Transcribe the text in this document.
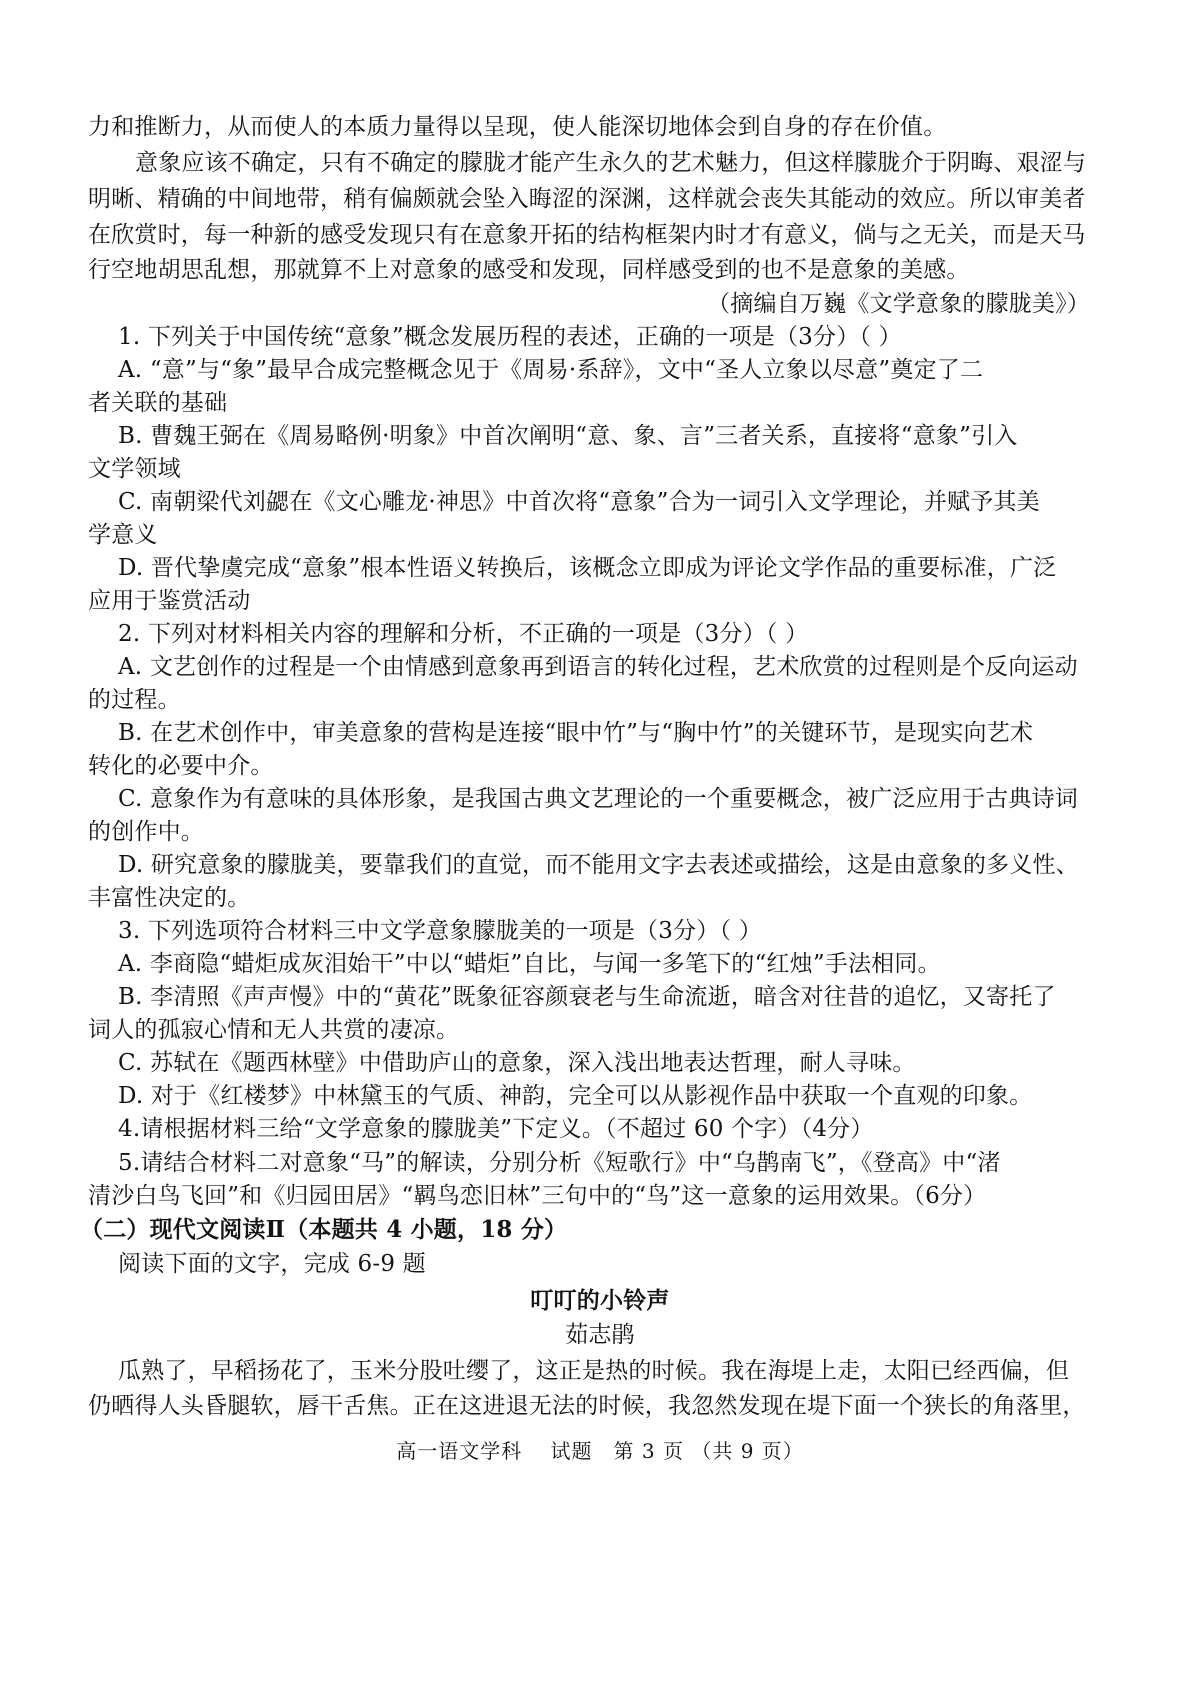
力和推断力，从而使人的本质力量得以呈现，使人能深切地体会到自身的存在价值。

意象应该不确定，只有不确定的朦胧才能产生永久的艺术魅力，但这样朦胧介于阴晦、艰涩与

明晰、精确的中间地带，稍有偏颇就会坠入晦涩的深渊，这样就会丧失其能动的效应。所以审美者

在欣赏时，每一种新的感受发现只有在意象开拓的结构框架内时才有意义，倘与之无关，而是天马

行空地胡思乱想，那就算不上对意象的感受和发现，同样感受到的也不是意象的美感。

（摘编自万巍《文学意象的朦胧美》）

1. 下列关于中国传统“意象”概念发展历程的表述，正确的一项是（3分）（ ）

A. “意”与“象”最早合成完整概念见于《周易·系辞》，文中“圣人立象以尽意”奠定了二

者关联的基础

B. 曹魏王弼在《周易略例·明象》中首次阐明“意、象、言”三者关系，直接将“意象”引入

文学领域

C. 南朝梁代刘勰在《文心雕龙·神思》中首次将“意象”合为一词引入文学理论，并赋予其美

学意义

D. 晋代挚虞完成“意象”根本性语义转换后，该概念立即成为评论文学作品的重要标准，广泛

应用于鉴赏活动

2. 下列对材料相关内容的理解和分析，不正确的一项是（3分）（ ）

A. 文艺创作的过程是一个由情感到意象再到语言的转化过程，艺术欣赏的过程则是个反向运动

的过程。

B. 在艺术创作中，审美意象的营构是连接“眼中竹”与“胸中竹”的关键环节，是现实向艺术

转化的必要中介。

C. 意象作为有意味的具体形象，是我国古典文艺理论的一个重要概念，被广泛应用于古典诗词

的创作中。

D. 研究意象的朦胧美，要靠我们的直觉，而不能用文字去表述或描绘，这是由意象的多义性、

丰富性决定的。

3. 下列选项符合材料三中文学意象朦胧美的一项是（3分）（ ）

A. 李商隐“蜡炬成灰泪始干”中以“蜡炬”自比，与闻一多笔下的“红烛”手法相同。

B. 李清照《声声慢》中的“黄花”既象征容颜衰老与生命流逝，暗含对往昔的追忆，又寄托了

词人的孤寂心情和无人共赏的凄凉。

C. 苏轼在《题西林壁》中借助庐山的意象，深入浅出地表达哲理，耐人寻味。

D. 对于《红楼梦》中林黛玉的气质、神韵，完全可以从影视作品中获取一个直观的印象。

4.请根据材料三给“文学意象的朦胧美”下定义。（不超过 60 个字）（4分）

5.请结合材料二对意象“马”的解读，分别分析《短歌行》中“乌鹊南飞”，《登高》中“渚

清沙白鸟飞回”和《归园田居》“羁鸟恋旧林”三句中的“鸟”这一意象的运用效果。（6分）

（二）现代文阅读Ⅱ（本题共 4 小题，18 分）

阅读下面的文字，完成 6-9 题

叮叮的小铃声

茹志鹃

瓜熟了，早稻扬花了，玉米分股吐缨了，这正是热的时候。我在海堤上走，太阳已经西偏，但

仍晒得人头昏腿软，唇干舌焦。正在这进退无法的时候，我忽然发现在堤下面一个狭长的角落里，

高一语文学科　 试题　第 3 页 （共 9 页）
